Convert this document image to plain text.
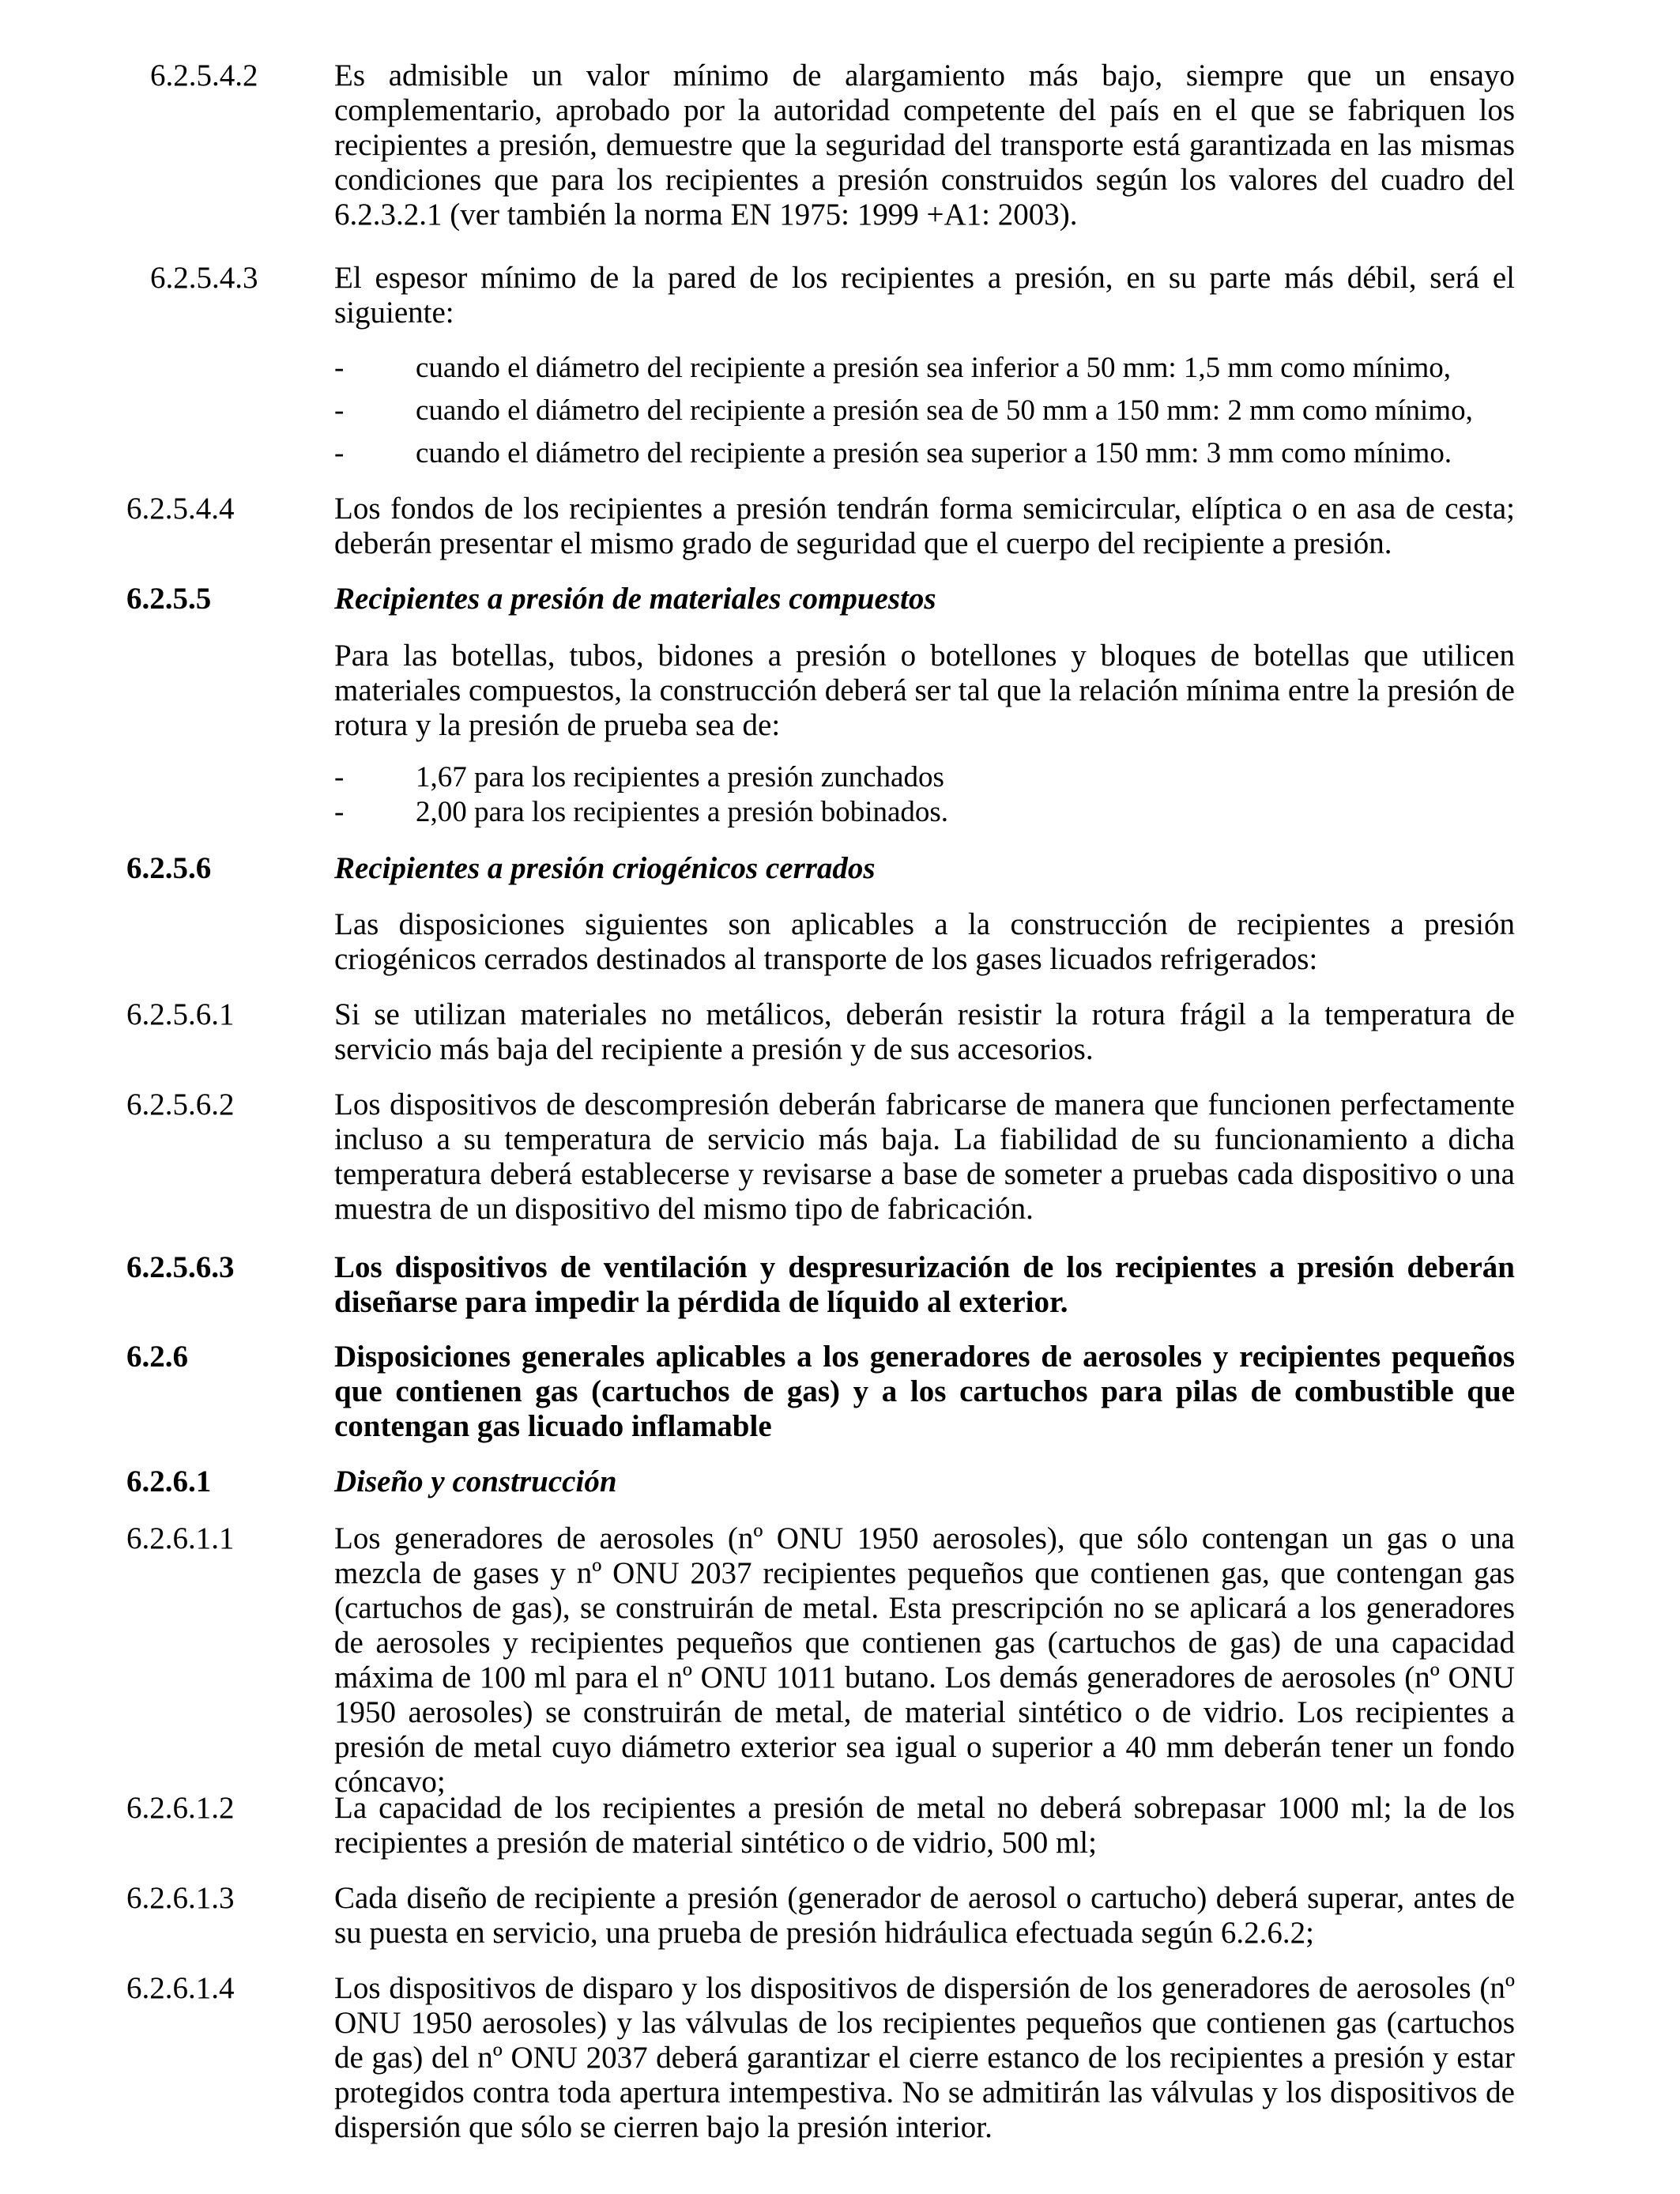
6.2.5.4.2 Es admisible un valor mínimo de alargamiento más bajo, siempre que un ensayo complementario, aprobado por la autoridad competente del país en el que se fabriquen los recipientes a presión, demuestre que la seguridad del transporte está garantizada en las mismas condiciones que para los recipientes a presión construidos según los valores del cuadro del 6.2.3.2.1 (ver también la norma EN 1975: 1999 +A1: 2003).

6.2.5.4.3 El espesor mínimo de la pared de los recipientes a presión, en su parte más débil, será el siguiente:

- cuando el diámetro del recipiente a presión sea inferior a 50 mm: 1,5 mm como mínimo,
- cuando el diámetro del recipiente a presión sea de 50 mm a 150 mm: 2 mm como mínimo,
- cuando el diámetro del recipiente a presión sea superior a 150 mm: 3 mm como mínimo.
6.2.5.4.4	Los fondos de los recipientes a presión tendrán forma semicircular, elíptica o en asa de cesta; deberán presentar el mismo grado de seguridad que el cuerpo del recipiente a presión.

6.2.5.5	Recipientes a presión de materiales compuestos

Para las botellas, tubos, bidones a presión o botellones y bloques de botellas que utilicen materiales compuestos, la construcción deberá ser tal que la relación mínima entre la presión de rotura y la presión de prueba sea de:

- 1,67 para los recipientes a presión zunchados
- 2,00 para los recipientes a presión bobinados.
6.2.5.6	Recipientes a presión criogénicos cerrados

Las disposiciones siguientes son aplicables a la construcción de recipientes a presión criogénicos cerrados destinados al transporte de los gases licuados refrigerados:

6.2.5.6.1	Si se utilizan materiales no metálicos, deberán resistir la rotura frágil a la temperatura de servicio más baja del recipiente a presión y de sus accesorios.

6.2.5.6.2	Los dispositivos de descompresión deberán fabricarse de manera que funcionen perfectamente incluso a su temperatura de servicio más baja. La fiabilidad de su funcionamiento a dicha temperatura deberá establecerse y revisarse a base de someter a pruebas cada dispositivo o una muestra de un dispositivo del mismo tipo de fabricación.

6.2.5.6.3	Los dispositivos de ventilación y despresurización de los recipientes a presión deberán diseñarse para impedir la pérdida de líquido al exterior.

6.2.6	Disposiciones generales aplicables a los generadores de aerosoles y recipientes pequeños que contienen gas (cartuchos de gas) y a los cartuchos para pilas de combustible que contengan gas licuado inflamable

6.2.6.1	Diseño y construcción

6.2.6.1.1	Los generadores de aerosoles (nº ONU 1950 aerosoles), que sólo contengan un gas o una mezcla de gases y nº ONU 2037 recipientes pequeños que contienen gas, que contengan gas (cartuchos de gas), se construirán de metal. Esta prescripción no se aplicará a los generadores de aerosoles y recipientes pequeños que contienen gas (cartuchos de gas) de una capacidad máxima de 100 ml para el nº ONU 1011 butano. Los demás generadores de aerosoles (nº ONU 1950 aerosoles) se construirán de metal, de material sintético o de vidrio. Los recipientes a presión de metal cuyo diámetro exterior sea igual o superior a 40 mm deberán tener un fondo cóncavo;

6.2.6.1.2	La capacidad de los recipientes a presión de metal no deberá sobrepasar 1000 ml; la de los recipientes a presión de material sintético o de vidrio, 500 ml;

6.2.6.1.3	Cada diseño de recipiente a presión (generador de aerosol o cartucho) deberá superar, antes de su puesta en servicio, una prueba de presión hidráulica efectuada según 6.2.6.2;

6.2.6.1.4	Los dispositivos de disparo y los dispositivos de dispersión de los generadores de aerosoles (nº ONU 1950 aerosoles) y las válvulas de los recipientes pequeños que contienen gas (cartuchos de gas) del nº ONU 2037 deberá garantizar el cierre estanco de los recipientes a presión y estar protegidos contra toda apertura intempestiva. No se admitirán las válvulas y los dispositivos de dispersión que sólo se cierren bajo la presión interior.
